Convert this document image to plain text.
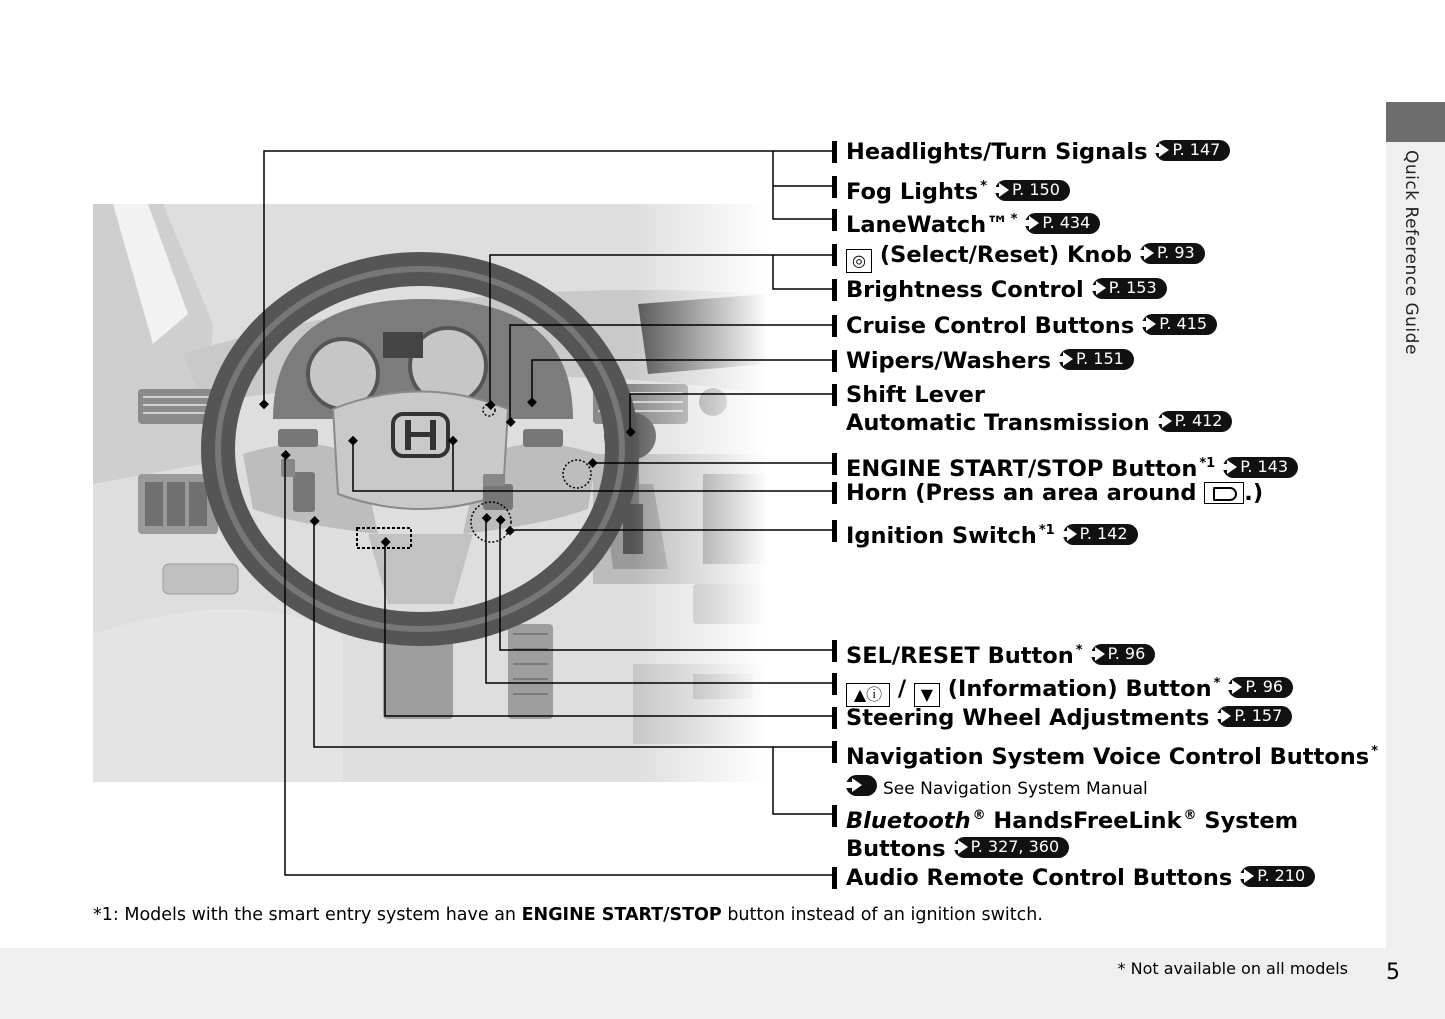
Quick Reference Guide
Headlights/Turn Signals P. 147
Fog Lights * P. 150
LaneWatch™ * P. 434
◎ (Select/Reset) Knob P. 93
Brightness Control P. 153
Cruise Control Buttons P. 415
Wipers/Washers P. 151
Shift Lever
Automatic Transmission P. 412
ENGINE START/STOP Button $^{*1}$ P. 143
Horn (Press an area around .)
Ignition Switch $^{*1}$ P. 142
SEL/RESET Button * P. 96
▲ⓘ / ▼ (Information) Button * P. 96
Steering Wheel Adjustments P. 157
Navigation System Voice Control Buttons *
See Navigation System Manual
Bluetooth ® HandsFreeLink ® System
Buttons P. 327, 360
Audio Remote Control Buttons P. 210
*1: Models with the smart entry system have an ENGINE START/STOP button instead of an ignition switch.
* Not available on all models 5
